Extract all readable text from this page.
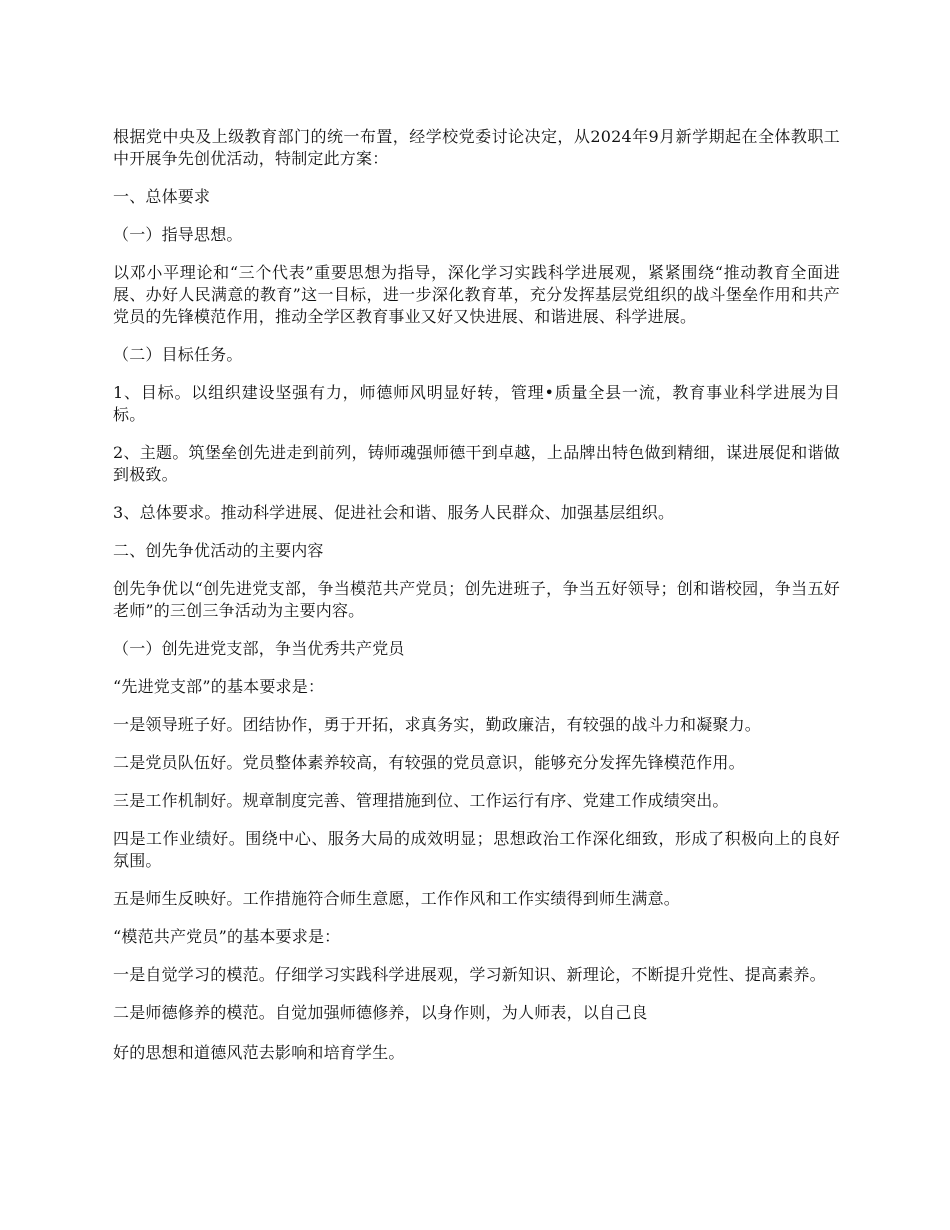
根据党中央及上级教育部门的统一布置，经学校党委讨论决定，从2024年9月新学期起在全体教职工中开展争先创优活动，特制定此方案：

一、总体要求

（一）指导思想。

以邓小平理论和“三个代表”重要思想为指导，深化学习实践科学进展观，紧紧围绕“推动教育全面进展、办好人民满意的教育”这一目标，进一步深化教育革，充分发挥基层党组织的战斗堡垒作用和共产党员的先锋模范作用，推动全学区教育事业又好又快进展、和谐进展、科学进展。

（二）目标任务。

1、目标。以组织建设坚强有力，师德师风明显好转，管理•质量全县一流，教育事业科学进展为目标。

2、主题。筑堡垒创先进走到前列，铸师魂强师德干到卓越，上品牌出特色做到精细，谋进展促和谐做到极致。

3、总体要求。推动科学进展、促进社会和谐、服务人民群众、加强基层组织。

二、创先争优活动的主要内容

创先争优以“创先进党支部，争当模范共产党员；创先进班子，争当五好领导；创和谐校园，争当五好老师”的三创三争活动为主要内容。

（一）创先进党支部，争当优秀共产党员

“先进党支部”的基本要求是：

一是领导班子好。团结协作，勇于开拓，求真务实，勤政廉洁，有较强的战斗力和凝聚力。

二是党员队伍好。党员整体素养较高，有较强的党员意识，能够充分发挥先锋模范作用。

三是工作机制好。规章制度完善、管理措施到位、工作运行有序、党建工作成绩突出。

四是工作业绩好。围绕中心、服务大局的成效明显；思想政治工作深化细致，形成了积极向上的良好氛围。

五是师生反映好。工作措施符合师生意愿，工作作风和工作实绩得到师生满意。

“模范共产党员”的基本要求是：

一是自觉学习的模范。仔细学习实践科学进展观，学习新知识、新理论，不断提升党性、提高素养。

二是师德修养的模范。自觉加强师德修养，以身作则，为人师表，以自己良

好的思想和道德风范去影响和培育学生。
